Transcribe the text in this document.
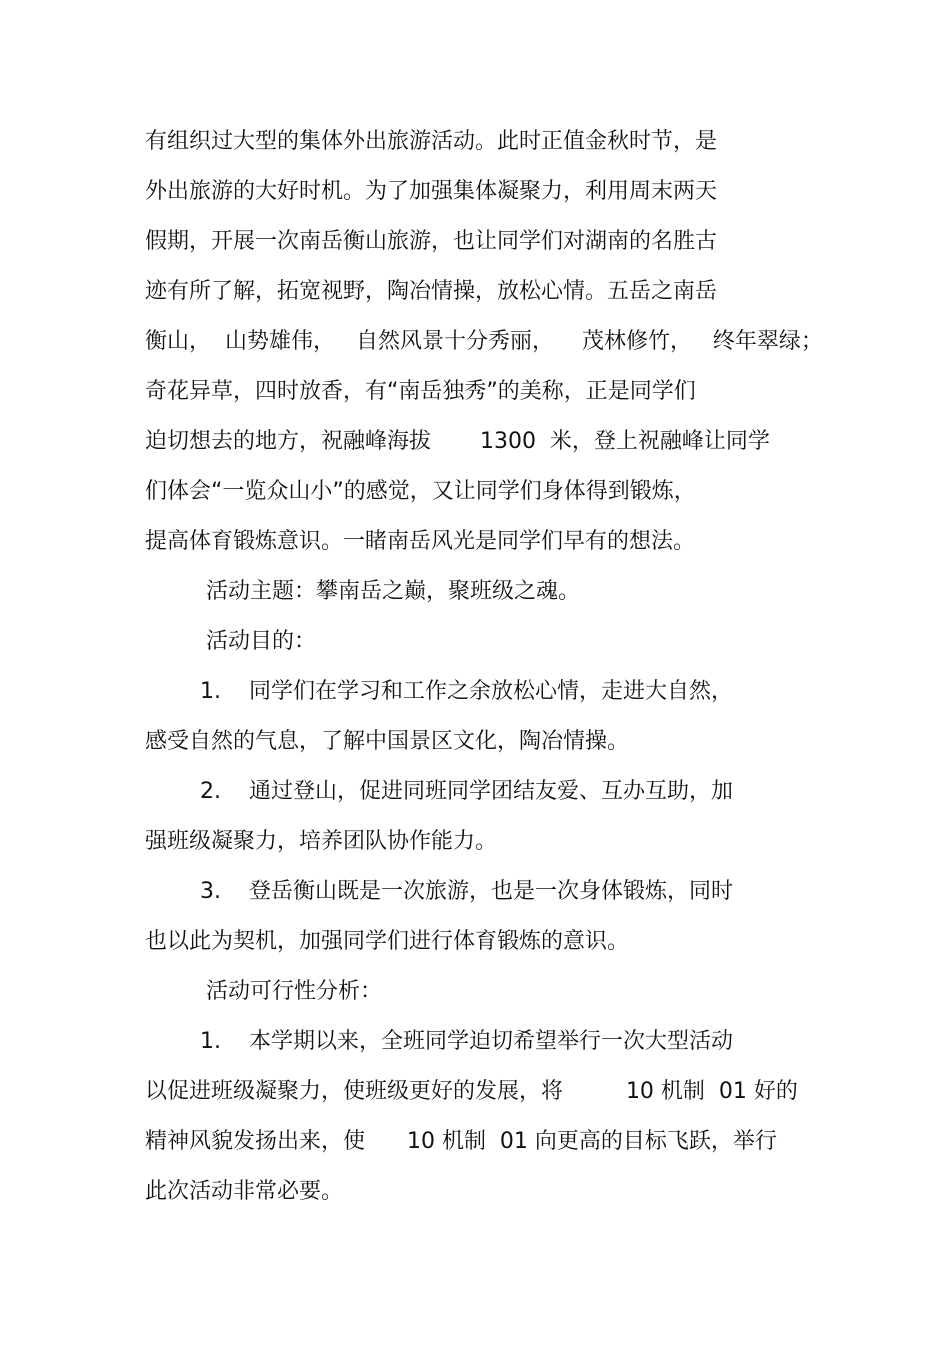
有组织过大型的集体外出旅游活动。此时正值金秋时节，是
外出旅游的大好时机。为了加强集体凝聚力，利用周末两天
假期，开展一次南岳衡山旅游，也让同学们对湖南的名胜古
迹有所了解，拓宽视野，陶冶情操，放松心情。五岳之南岳
衡山，  山势雄伟，   自然风景十分秀丽，    茂林修竹，   终年翠绿；
奇花异草，四时放香，有“南岳独秀”的美称，正是同学们
迫切想去的地方，祝融峰海拔       1300  米，登上祝融峰让同学
们体会“一览众山小”的感觉，又让同学们身体得到锻炼，
提高体育锻炼意识。一睹南岳风光是同学们早有的想法。
活动主题：攀南岳之巅，聚班级之魂。
活动目的：
1.    同学们在学习和工作之余放松心情，走进大自然，
感受自然的气息，了解中国景区文化，陶冶情操。
2.    通过登山，促进同班同学团结友爱、互办互助，加
强班级凝聚力，培养团队协作能力。
3.    登岳衡山既是一次旅游，也是一次身体锻炼，同时
也以此为契机，加强同学们进行体育锻炼的意识。
活动可行性分析：
1.    本学期以来，全班同学迫切希望举行一次大型活动
以促进班级凝聚力，使班级更好的发展，将         10 机制  01 好的
精神风貌发扬出来，使      10 机制  01 向更高的目标飞跃，举行
此次活动非常必要。
